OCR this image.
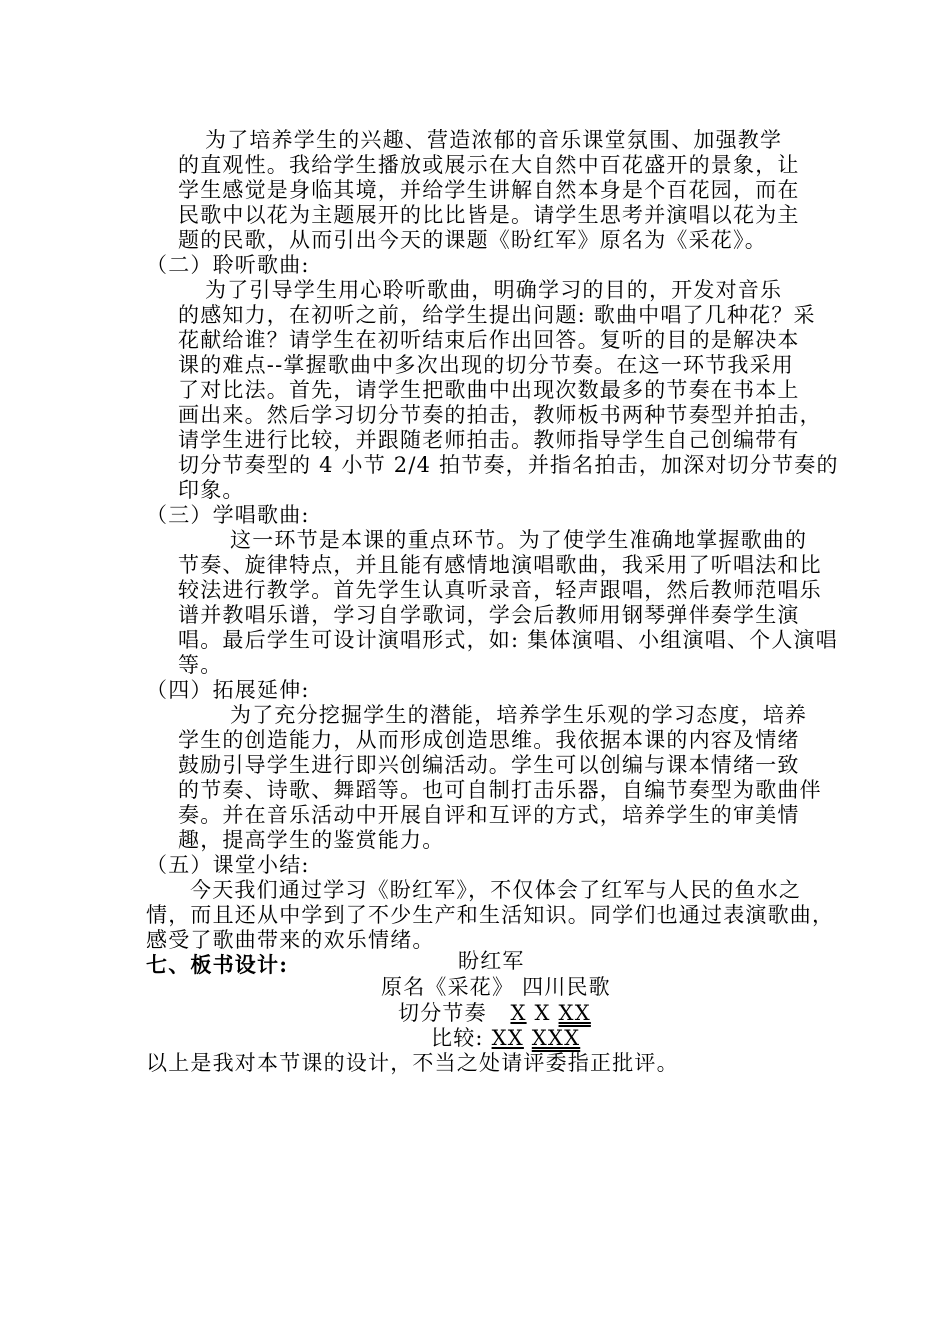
为了培养学生的兴趣、营造浓郁的音乐课堂氛围、加强教学
的直观性。我给学生播放或展示在大自然中百花盛开的景象，让
学生感觉是身临其境，并给学生讲解自然本身是个百花园，而在
民歌中以花为主题展开的比比皆是。请学生思考并演唱以花为主
题的民歌，从而引出今天的课题《盼红军》原名为《采花》。
（二）聆听歌曲:
为了引导学生用心聆听歌曲，明确学习的目的，开发对音乐
的感知力，在初听之前，给学生提出问题: 歌曲中唱了几种花？采
花献给谁？请学生在初听结束后作出回答。复听的目的是解决本
课的难点--掌握歌曲中多次出现的切分节奏。在这一环节我采用
了对比法。首先，请学生把歌曲中出现次数最多的节奏在书本上
画出来。然后学习切分节奏的拍击，教师板书两种节奏型并拍击，
请学生进行比较，并跟随老师拍击。教师指导学生自己创编带有
切分节奏型的 4 小节 2/4 拍节奏，并指名拍击，加深对切分节奏的
印象。
（三）学唱歌曲:
这一环节是本课的重点环节。为了使学生准确地掌握歌曲的
节奏、旋律特点，并且能有感情地演唱歌曲，我采用了听唱法和比
较法进行教学。首先学生认真听录音，轻声跟唱，然后教师范唱乐
谱并教唱乐谱，学习自学歌词，学会后教师用钢琴弹伴奏学生演
唱。最后学生可设计演唱形式，如: 集体演唱、小组演唱、个人演唱
等。
（四）拓展延伸:
为了充分挖掘学生的潜能，培养学生乐观的学习态度，培养
学生的创造能力，从而形成创造思维。我依据本课的内容及情绪
鼓励引导学生进行即兴创编活动。学生可以创编与课本情绪一致
的节奏、诗歌、舞蹈等。也可自制打击乐器，自编节奏型为歌曲伴
奏。并在音乐活动中开展自评和互评的方式，培养学生的审美情
趣，提高学生的鉴赏能力。
（五）课堂小结:
今天我们通过学习《盼红军》，不仅体会了红军与人民的鱼水之
情，而且还从中学到了不少生产和生活知识。同学们也通过表演歌曲，
感受了歌曲带来的欢乐情绪。
七、板书设计:	盼红军
原名《采花》 四川民歌
切分节奏 X X XX
比较: XX XXX
以上是我对本节课的设计，不当之处请评委指正批评。
